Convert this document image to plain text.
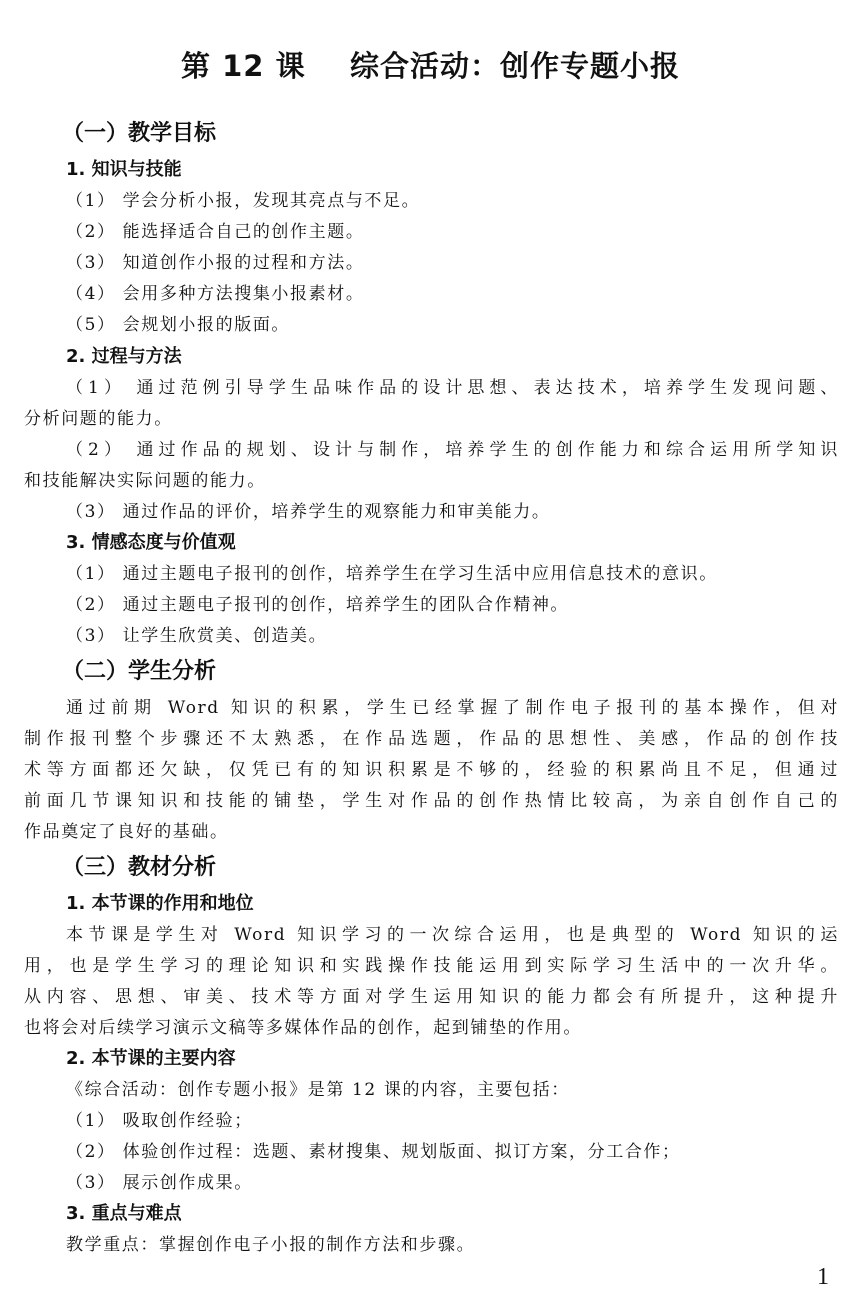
第 12 课    综合活动：创作专题小报
（一）教学目标
1. 知识与技能
（1） 学会分析小报，发现其亮点与不足。
（2） 能选择适合自己的创作主题。
（3） 知道创作小报的过程和方法。
（4） 会用多种方法搜集小报素材。
（5） 会规划小报的版面。
2. 过程与方法
（1） 通过范例引导学生品味作品的设计思想、表达技术，培养学生发现问题、
分析问题的能力。
（2） 通过作品的规划、设计与制作，培养学生的创作能力和综合运用所学知识
和技能解决实际问题的能力。
（3） 通过作品的评价，培养学生的观察能力和审美能力。
3. 情感态度与价值观
（1） 通过主题电子报刊的创作，培养学生在学习生活中应用信息技术的意识。
（2） 通过主题电子报刊的创作，培养学生的团队合作精神。
（3） 让学生欣赏美、创造美。
（二）学生分析
通过前期 Word 知识的积累，学生已经掌握了制作电子报刊的基本操作，但对
制作报刊整个步骤还不太熟悉，在作品选题，作品的思想性、美感，作品的创作技
术等方面都还欠缺，仅凭已有的知识积累是不够的，经验的积累尚且不足，但通过
前面几节课知识和技能的铺垫，学生对作品的创作热情比较高，为亲自创作自己的
作品奠定了良好的基础。
（三）教材分析
1. 本节课的作用和地位
本节课是学生对 Word 知识学习的一次综合运用，也是典型的 Word 知识的运
用，也是学生学习的理论知识和实践操作技能运用到实际学习生活中的一次升华。
从内容、思想、审美、技术等方面对学生运用知识的能力都会有所提升，这种提升
也将会对后续学习演示文稿等多媒体作品的创作，起到铺垫的作用。
2. 本节课的主要内容
《综合活动：创作专题小报》是第 12 课的内容，主要包括：
（1） 吸取创作经验；
（2） 体验创作过程：选题、素材搜集、规划版面、拟订方案，分工合作；
（3） 展示创作成果。
3. 重点与难点
教学重点：掌握创作电子小报的制作方法和步骤。
1
